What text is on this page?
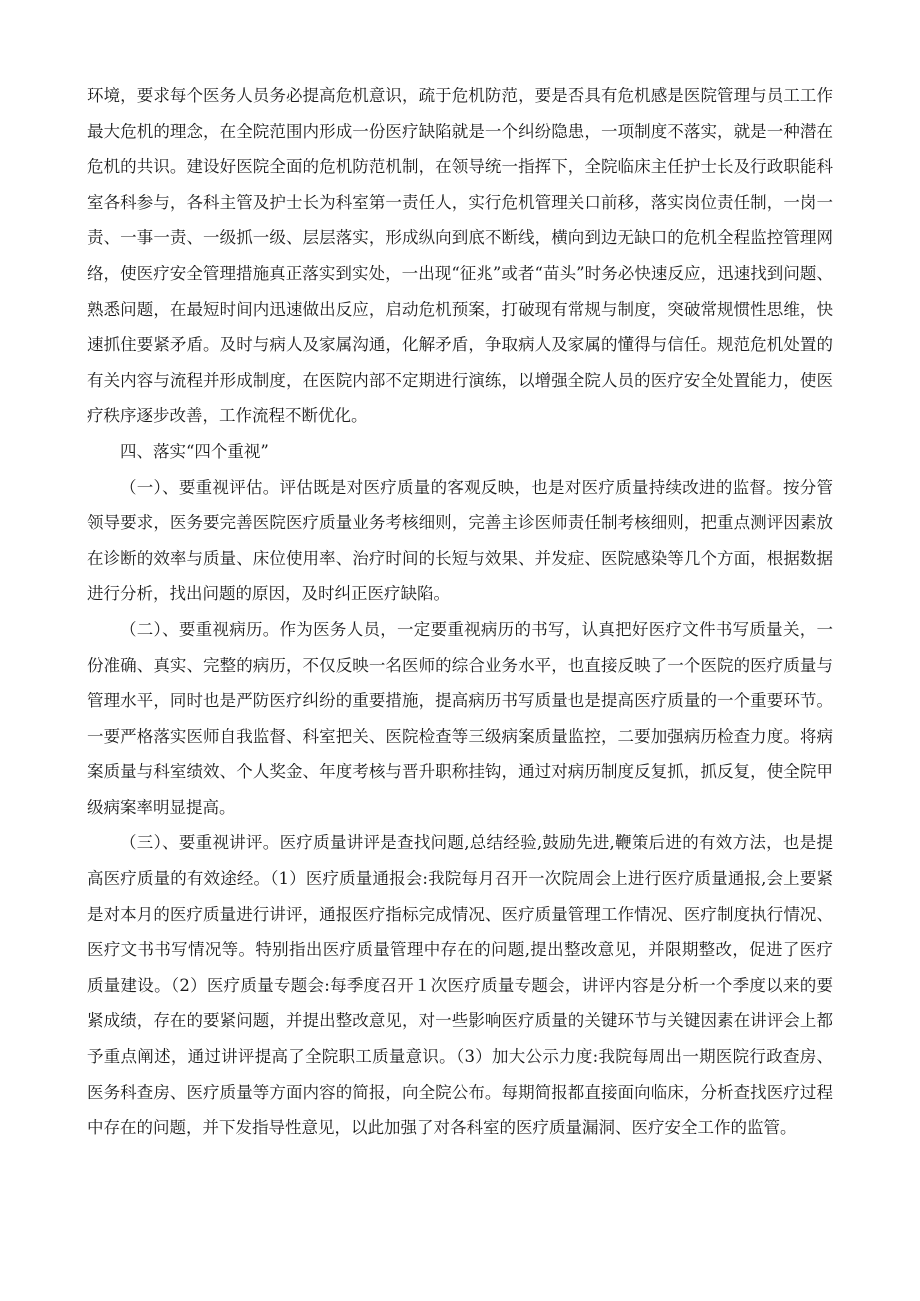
环境，要求每个医务人员务必提高危机意识，疏于危机防范，要是否具有危机感是医院管理与员工工作最大危机的理念，在全院范围内形成一份医疗缺陷就是一个纠纷隐患，一项制度不落实，就是一种潜在危机的共识。建设好医院全面的危机防范机制，在领导统一指挥下，全院临床主任护士长及行政职能科室各科参与，各科主管及护士长为科室第一责任人，实行危机管理关口前移，落实岗位责任制，一岗一责、一事一责、一级抓一级、层层落实，形成纵向到底不断线，横向到边无缺口的危机全程监控管理网络，使医疗安全管理措施真正落实到实处，一出现“征兆”或者“苗头”时务必快速反应，迅速找到问题、熟悉问题，在最短时间内迅速做出反应，启动危机预案，打破现有常规与制度，突破常规惯性思维，快速抓住要紧矛盾。及时与病人及家属沟通，化解矛盾，争取病人及家属的懂得与信任。规范危机处置的有关内容与流程并形成制度，在医院内部不定期进行演练，以增强全院人员的医疗安全处置能力，使医疗秩序逐步改善，工作流程不断优化。

四、落实“四个重视”

（一）、要重视评估。评估既是对医疗质量的客观反映，也是对医疗质量持续改进的监督。按分管领导要求，医务要完善医院医疗质量业务考核细则，完善主诊医师责任制考核细则，把重点测评因素放在诊断的效率与质量、床位使用率、治疗时间的长短与效果、并发症、医院感染等几个方面，根据数据进行分析，找出问题的原因，及时纠正医疗缺陷。

（二）、要重视病历。作为医务人员，一定要重视病历的书写，认真把好医疗文件书写质量关，一份准确、真实、完整的病历，不仅反映一名医师的综合业务水平，也直接反映了一个医院的医疗质量与管理水平，同时也是严防医疗纠纷的重要措施，提高病历书写质量也是提高医疗质量的一个重要环节。一要严格落实医师自我监督、科室把关、医院检查等三级病案质量监控，二要加强病历检查力度。将病案质量与科室绩效、个人奖金、年度考核与晋升职称挂钩，通过对病历制度反复抓，抓反复，使全院甲级病案率明显提高。

（三）、要重视讲评。医疗质量讲评是查找问题,总结经验,鼓励先进,鞭策后进的有效方法，也是提高医疗质量的有效途经。（1）医疗质量通报会:我院每月召开一次院周会上进行医疗质量通报,会上要紧是对本月的医疗质量进行讲评，通报医疗指标完成情况、医疗质量管理工作情况、医疗制度执行情况、医疗文书书写情况等。特别指出医疗质量管理中存在的问题,提出整改意见，并限期整改，促进了医疗质量建设。（2）医疗质量专题会:每季度召开１次医疗质量专题会，讲评内容是分析一个季度以来的要紧成绩，存在的要紧问题，并提出整改意见，对一些影响医疗质量的关键环节与关键因素在讲评会上都予重点阐述，通过讲评提高了全院职工质量意识。（3）加大公示力度:我院每周出一期医院行政查房、医务科查房、医疗质量等方面内容的简报，向全院公布。每期简报都直接面向临床，分析查找医疗过程中存在的问题，并下发指导性意见，以此加强了对各科室的医疗质量漏洞、医疗安全工作的监管。
